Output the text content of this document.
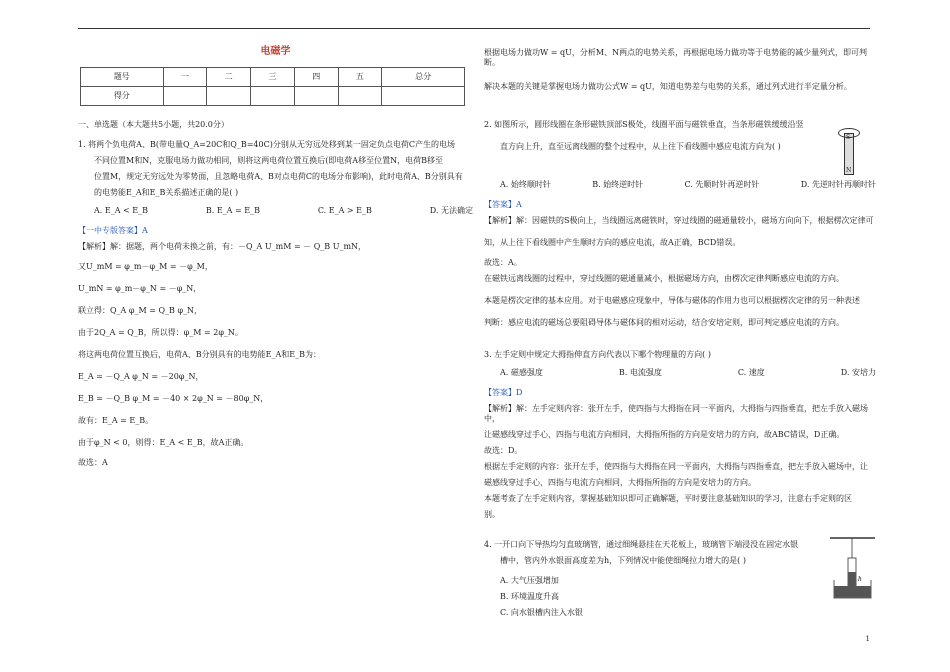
电磁学
题号	一	二	三	四	五	总分
得分						
一、单选题（本大题共5小题，共20.0分）
1. 将两个负电荷A、B(带电量Q_A=20C和Q_B=40C)分别从无穷远处移到某一固定负点电荷C产生的电场
不同位置M和N，克服电场力做功相同，则将这两电荷位置互换后(即电荷A移至位置N，电荷B移至
位置M，规定无穷远处为零势面，且忽略电荷A、B对点电荷C的电场分布影响)，此时电荷A、B分别具有
的电势能E_A和E_B关系描述正确的是( )
A. E_A < E_B	B. E_A = E_B	C. E_A > E_B	D. 无法确定
【一中专版答案】A
【解析】解：据题，两个电荷未换之前，有：－Q_A U_mM = － Q_B U_mN，
又U_mM = φ_m－φ_M = －φ_M，
U_mN = φ_m－φ_N = －φ_N，
联立得：Q_A φ_M = Q_B φ_N，
由于2Q_A = Q_B，所以得：φ_M = 2φ_N。
将这两电荷位置互换后，电荷A、B分别具有的电势能E_A和E_B为：
E_A = －Q_A φ_N = －20φ_N，
E_B = －Q_B φ_M = －40 × 2φ_N = －80φ_N，
故有：E_A = E_B。
由于φ_N < 0，则得：E_A < E_B，故A正确。
故选：A
根据电场力做功W = qU，分析M、N两点的电势关系，再根据电场力做功等于电势能的减少量列式，即可判断。
解决本题的关键是掌握电场力做功公式W = qU，知道电势差与电势的关系，通过列式进行半定量分析。
2. 如图所示，圆形线圈在条形磁铁顶部S极处，线圈平面与磁铁垂直，当条形磁铁缓缓沿竖
直方向上升，直至远离线圈的整个过程中，从上往下看线圈中感应电流方向为( )
A. 始终顺时针	B. 始终逆时针	C. 先顺时针再逆时针	D. 先逆时针再顺时针
【答案】A
【解析】解：因磁铁的S极向上，当线圈远离磁铁时，穿过线圈的磁通量较小，磁场方向向下，根据楞次定律可
知，从上往下看线圈中产生顺时方向的感应电流，故A正确，BCD错误。
故选：A。
在磁铁远离线圈的过程中，穿过线圈的磁通量减小，根据磁场方向，由楞次定律判断感应电流的方向。
本题是楞次定律的基本应用。对于电磁感应现象中，导体与磁体的作用力也可以根据楞次定律的另一种表述
判断：感应电流的磁场总要阻碍导体与磁体间的相对运动，结合安培定则，即可判定感应电流的方向。
3. 左手定则中规定大拇指伸直方向代表以下哪个物理量的方向( )
A. 磁感强度	B. 电流强度	C. 速度	D. 安培力
【答案】D
【解析】解：左手定则内容：张开左手，使四指与大拇指在同一平面内，大拇指与四指垂直，把左手放入磁场中，
让磁感线穿过手心，四指与电流方向相同，大拇指所指的方向是安培力的方向，故ABC错误，D正确。
故选：D。
根据左手定则的内容：张开左手，使四指与大拇指在同一平面内，大拇指与四指垂直，把左手放入磁场中，让
磁感线穿过手心，四指与电流方向相同，大拇指所指的方向是安培力的方向。
本题考查了左手定则内容，掌握基础知识即可正确解题，平时要注意基础知识的学习，注意右手定则的区
别。
4. 一开口向下导热均匀直玻璃管，通过细绳悬挂在天花板上，玻璃管下端浸没在固定水银
槽中，管内外水银面高度差为h，下列情况中能使细绳拉力增大的是( )
A. 大气压强增加
B. 环境温度升高
C. 向水银槽内注入水银
S
N
h
1
